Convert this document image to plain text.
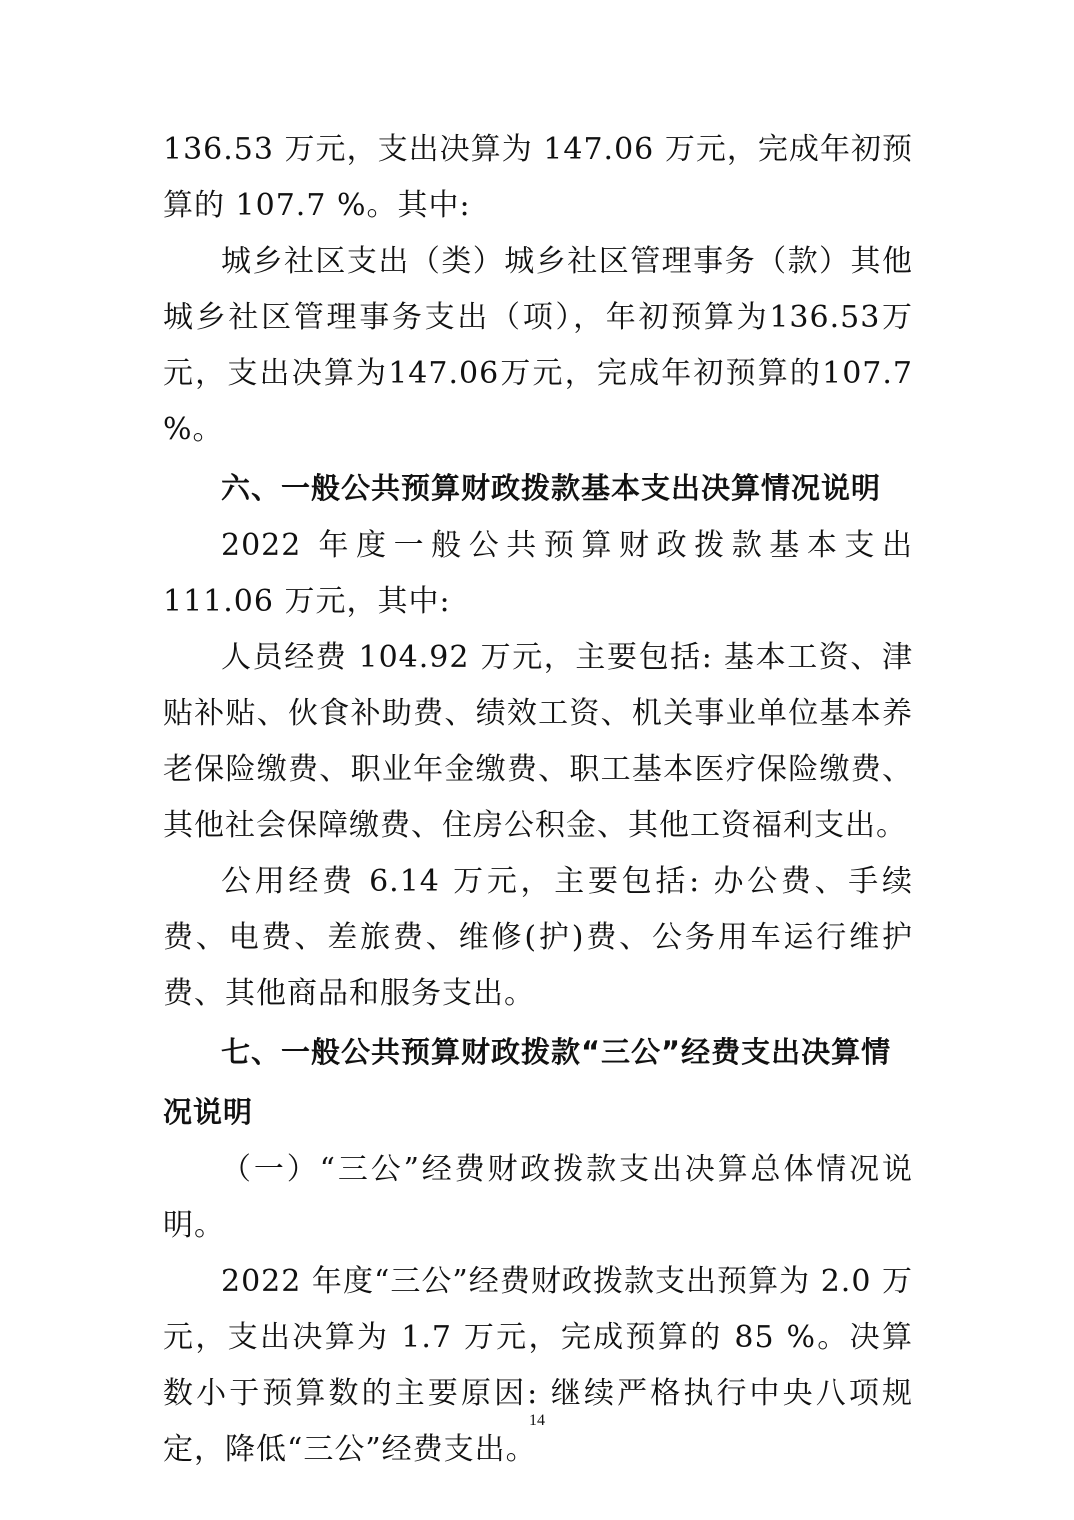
136.53 万元，支出决算为 147.06 万元，完成年初预算的 107.7 %。其中:

城乡社区支出（类）城乡社区管理事务（款）其他城乡社区管理事务支出（项），年初预算为136.53万元，支出决算为147.06万元，完成年初预算的107.7 %。

六、一般公共预算财政拨款基本支出决算情况说明

2022 年度一般公共预算财政拨款基本支出 111.06 万元，其中:

人员经费 104.92 万元，主要包括: 基本工资、津贴补贴、伙食补助费、绩效工资、机关事业单位基本养老保险缴费、职业年金缴费、职工基本医疗保险缴费、其他社会保障缴费、住房公积金、其他工资福利支出。

公用经费 6.14 万元，主要包括: 办公费、手续费、电费、差旅费、维修(护)费、公务用车运行维护费、其他商品和服务支出。

七、一般公共预算财政拨款“三公”经费支出决算情况说明

（一）“三公”经费财政拨款支出决算总体情况说明。

2022 年度“三公”经费财政拨款支出预算为 2.0 万元，支出决算为 1.7 万元，完成预算的 85 %。决算数小于预算数的主要原因: 继续严格执行中央八项规定，降低“三公”经费支出。

14
